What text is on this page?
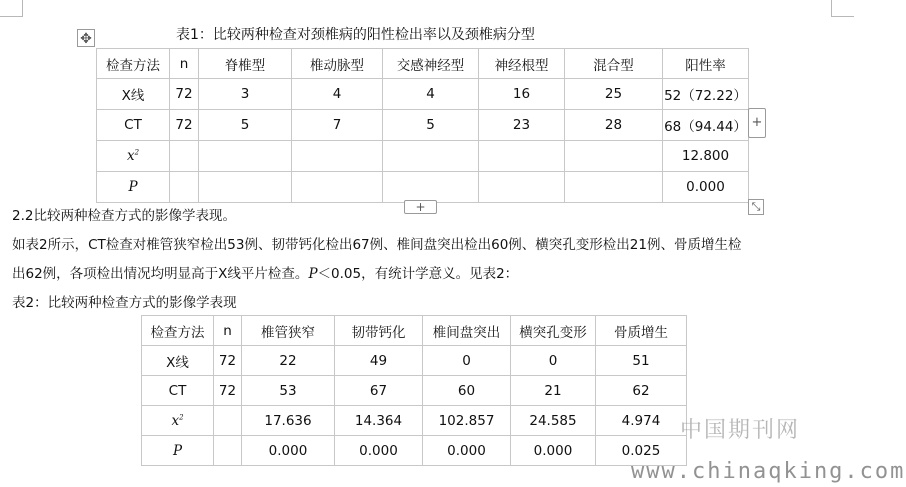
✥	表1：比较两种检查对颈椎病的阳性检出率以及颈椎病分型
检查方法	n	脊椎型	椎动脉型	交感神经型	神经根型	混合型	阳性率
X线	72	3	4	4	16	25	52（72.22）
CT	72	5	7	5	23	28	68（94.44）
$x^2$							12.800
P							0.000
+
+	⤡
2.2比较两种检查方式的影像学表现。
如表2所示，CT检查对椎管狭窄检出53例、韧带钙化检出67例、椎间盘突出检出60例、横突孔变形检出21例、骨质增生检
出62例，各项检出情况均明显高于X线平片检查。P＜0.05，有统计学意义。见表2：
表2：比较两种检查方式的影像学表现
检查方法	n	椎管狭窄	韧带钙化	椎间盘突出	横突孔变形	骨质增生
X线	72	22	49	0	0	51
CT	72	53	67	60	21	62
$x^2$		17.636	14.364	102.857	24.585	4.974
P		0.000	0.000	0.000	0.000	0.025
中国期刊网
www.chinaqking.com
